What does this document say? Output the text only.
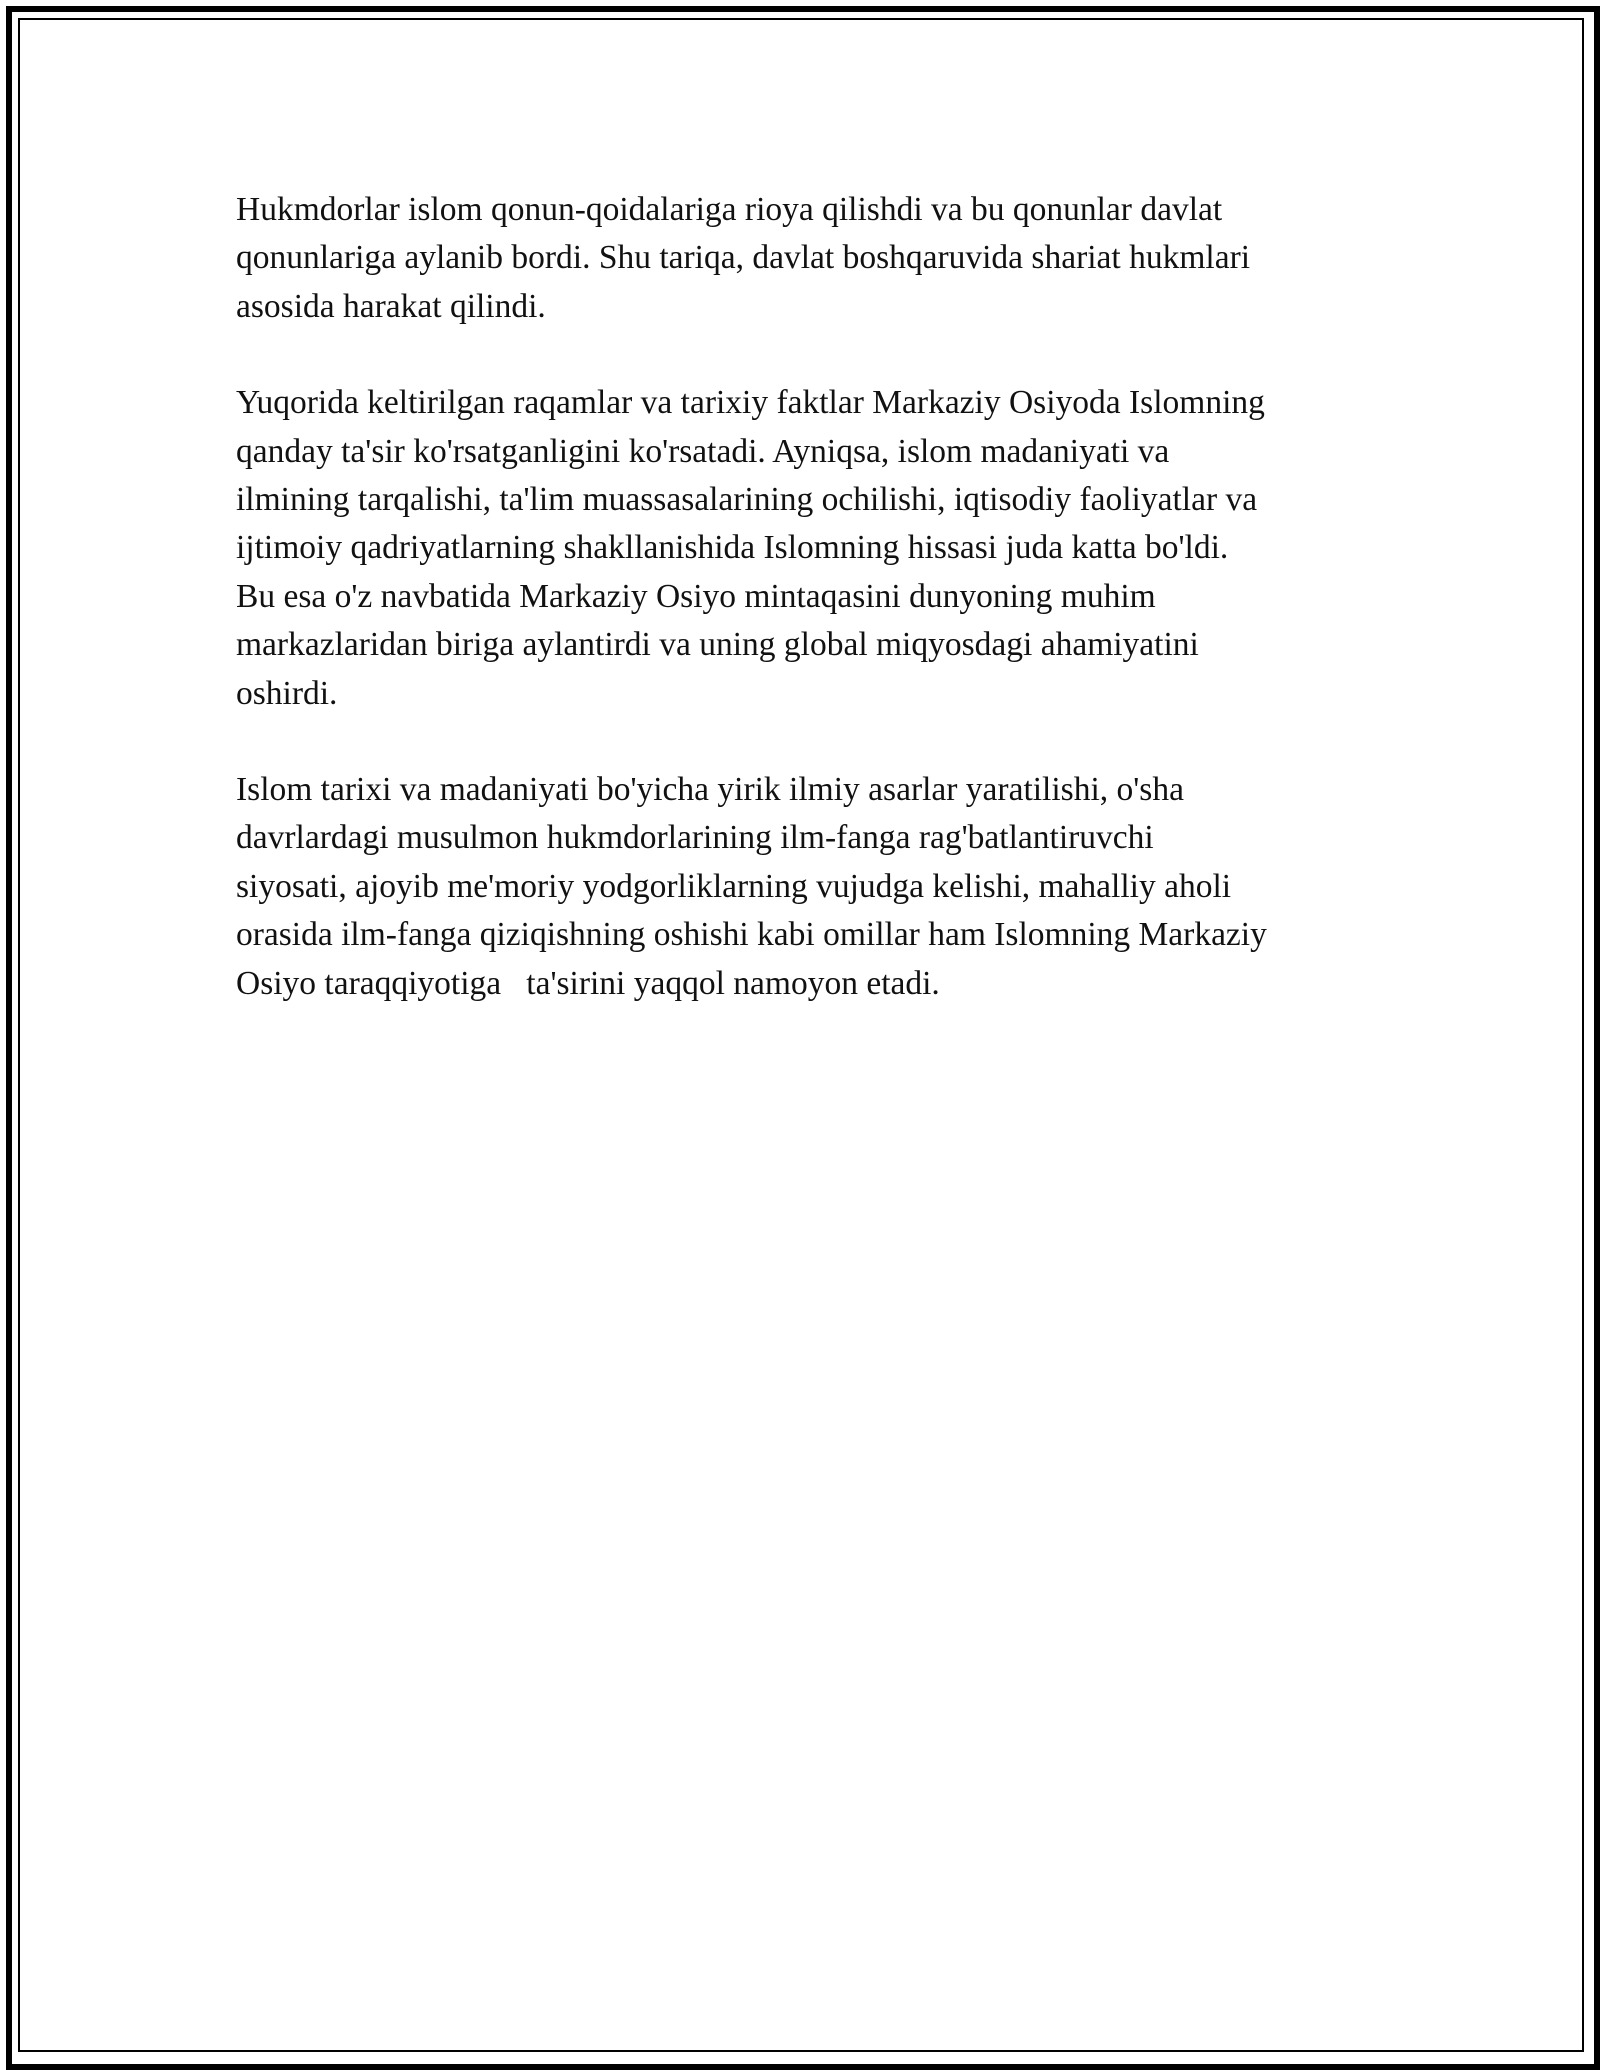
Hukmdorlar islom qonun-qoidalariga rioya qilishdi va bu qonunlar davlat
qonunlariga aylanib bordi. Shu tariqa, davlat boshqaruvida shariat hukmlari
asosida harakat qilindi.

Yuqorida keltirilgan raqamlar va tarixiy faktlar Markaziy Osiyoda Islomning
qanday ta'sir ko'rsatganligini ko'rsatadi. Ayniqsa, islom madaniyati va
ilmining tarqalishi, ta'lim muassasalarining ochilishi, iqtisodiy faoliyatlar va
ijtimoiy qadriyatlarning shakllanishida Islomning hissasi juda katta bo'ldi.
Bu esa o'z navbatida Markaziy Osiyo mintaqasini dunyoning muhim
markazlaridan biriga aylantirdi va uning global miqyosdagi ahamiyatini
oshirdi.

Islom tarixi va madaniyati bo'yicha yirik ilmiy asarlar yaratilishi, o'sha
davrlardagi musulmon hukmdorlarining ilm-fanga rag'batlantiruvchi
siyosati, ajoyib me'moriy yodgorliklarning vujudga kelishi, mahalliy aholi
orasida ilm-fanga qiziqishning oshishi kabi omillar ham Islomning Markaziy
Osiyo taraqqiyotiga   ta'sirini yaqqol namoyon etadi.
